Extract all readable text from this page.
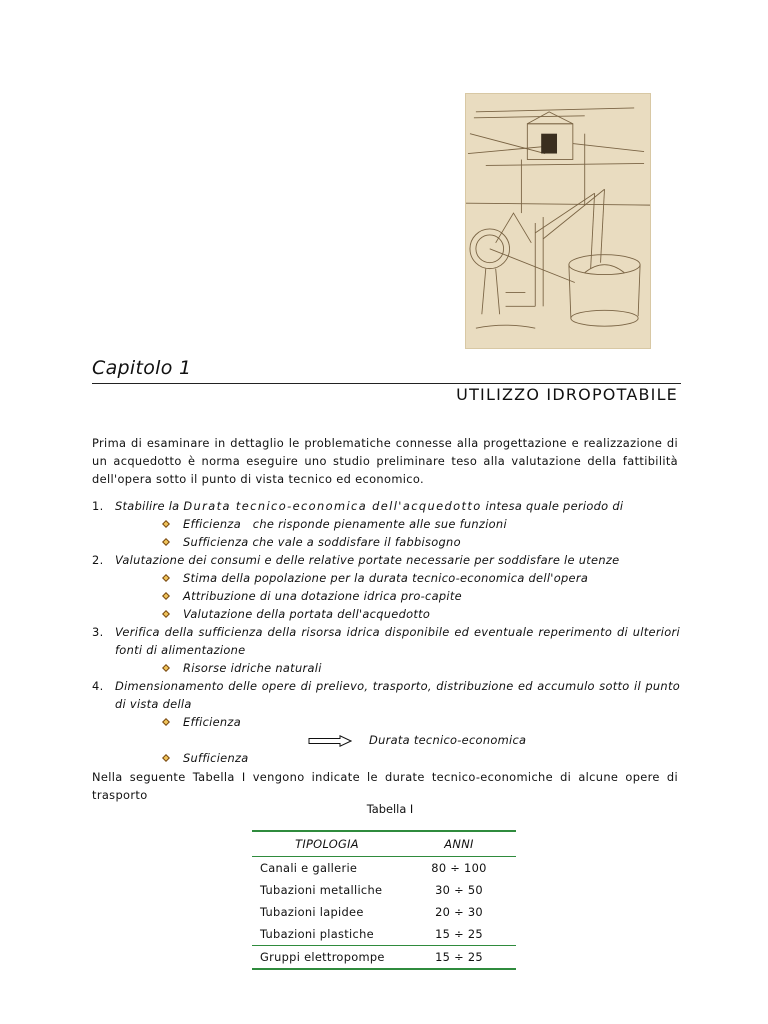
Capitolo 1
UTILIZZO IDROPOTABILE

Prima di esaminare in dettaglio le problematiche connesse alla progettazione e realizzazione di un acquedotto è norma eseguire uno studio preliminare teso alla valutazione della fattibilità dell'opera sotto il punto di vista tecnico ed economico.

1 .	Stabilire la Durata tecnico-economica dell'acquedotto intesa quale periodo di
Efficienza   che risponde pienamente alle sue funzioni
Sufficienza che vale a soddisfare il fabbisogno
2 .	Valutazione dei consumi e delle relative portate necessarie per soddisfare le utenze
Stima della popolazione per la durata tecnico-economica dell'opera
Attribuzione di una dotazione idrica pro-capite
Valutazione della portata dell'acquedotto
3 .	Verifica della sufficienza della risorsa idrica disponibile ed eventuale reperimento di ulteriori fonti di alimentazione
Risorse idriche naturali
4 .	Dimensionamento delle opere di prelievo, trasporto, distribuzione ed accumulo sotto il punto di vista della
Efficienza
Durata tecnico-economica
Sufficienza

Nella seguente Tabella I vengono indicate le durate tecnico-economiche di alcune opere di trasporto

Tabella I
TIPOLOGIA	ANNI
Canali e gallerie	80 ÷ 100
Tubazioni metalliche	30 ÷ 50
Tubazioni lapidee	20 ÷ 30
Tubazioni plastiche	15 ÷ 25
Gruppi elettropompe	15 ÷ 25
